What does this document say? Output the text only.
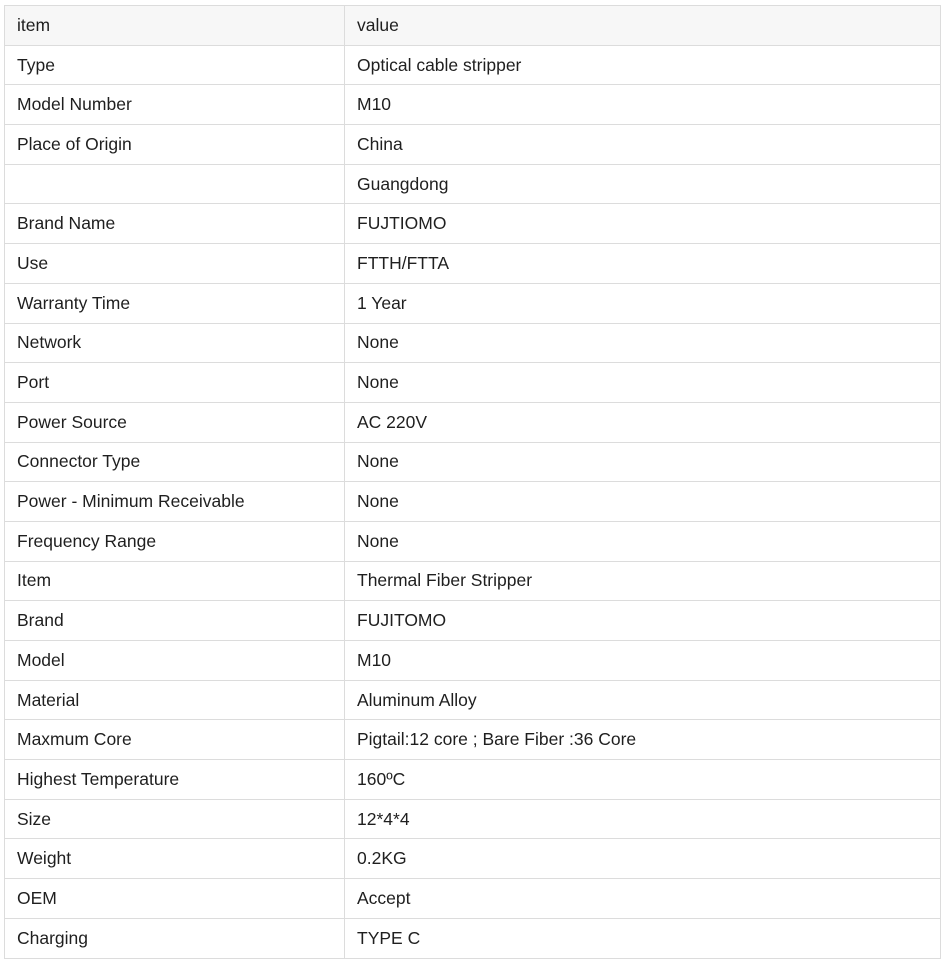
item	value
Type	Optical cable stripper
Model Number	M10
Place of Origin	China
	Guangdong
Brand Name	FUJTIOMO
Use	FTTH/FTTA
Warranty Time	1 Year
Network	None
Port	None
Power Source	AC 220V
Connector Type	None
Power - Minimum Receivable	None
Frequency Range	None
Item	Thermal Fiber Stripper
Brand	FUJITOMO
Model	M10
Material	Aluminum Alloy
Maxmum Core	Pigtail:12 core ; Bare Fiber :36 Core
Highest Temperature	160ºC
Size	12*4*4
Weight	0.2KG
OEM	Accept
Charging	TYPE C
